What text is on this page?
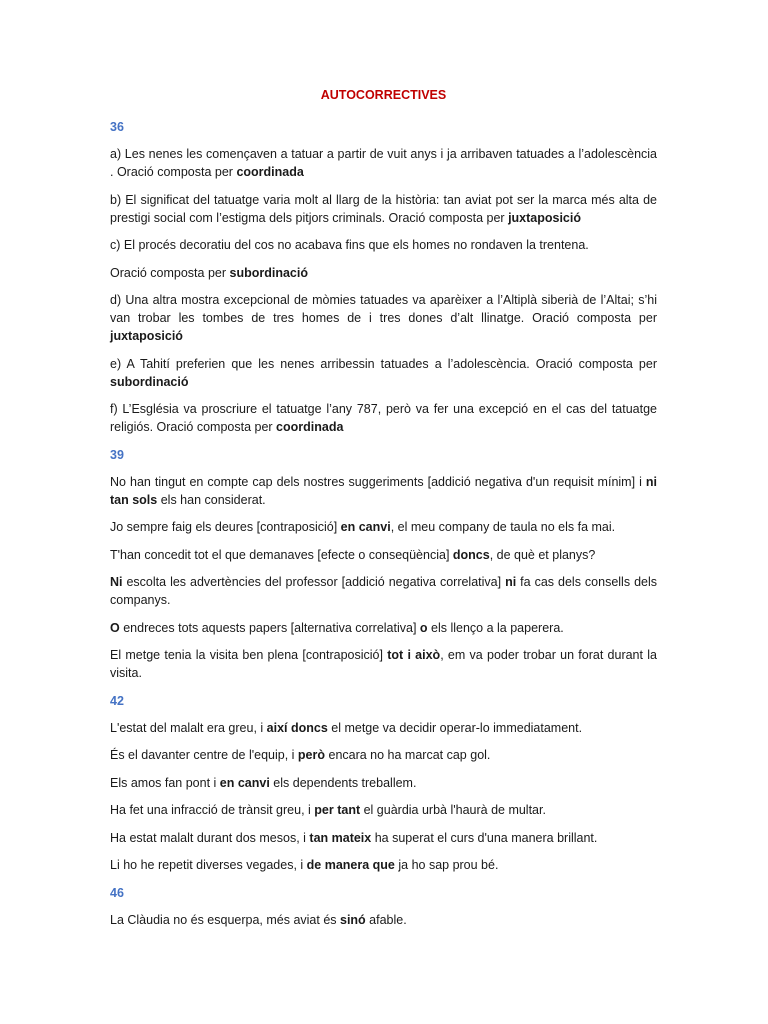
AUTOCORRECTIVES
36

a) Les nenes les començaven a tatuar a partir de vuit anys i ja arribaven tatuades a l’adolescència . Oració composta per coordinada

b) El significat del tatuatge varia molt al llarg de la història: tan aviat pot ser la marca més alta de prestigi social com l’estigma dels pitjors criminals. Oració composta per juxtaposició

c) El procés decoratiu del cos no acabava fins que els homes no rondaven la trentena.

Oració composta per subordinació

d) Una altra mostra excepcional de mòmies tatuades va aparèixer a l’Altiplà siberià de l’Altai; s’hi van trobar les tombes de tres homes de i tres dones d’alt llinatge. Oració composta per juxtaposició

e) A Tahití preferien que les nenes arribessin tatuades a l’adolescència. Oració composta per subordinació

f) L’Església va proscriure el tatuatge l’any 787, però va fer una excepció en el cas del tatuatge religiós. Oració composta per coordinada

39

No han tingut en compte cap dels nostres suggeriments [addició negativa d'un requisit mínim] i ni tan sols els han considerat.

Jo sempre faig els deures [contraposició] en canvi, el meu company de taula no els fa mai.

T'han concedit tot el que demanaves [efecte o conseqüència] doncs, de què et planys?

Ni escolta les advertències del professor [addició negativa correlativa] ni fa cas dels consells dels companys.

O endreces tots aquests papers [alternativa correlativa] o els llenço a la paperera.

El metge tenia la visita ben plena [contraposició] tot i això, em va poder trobar un forat durant la visita.

42

L'estat del malalt era greu, i així doncs el metge va decidir operar-lo immediatament.

És el davanter centre de l'equip, i però encara no ha marcat cap gol.

Els amos fan pont i en canvi els dependents treballem.

Ha fet una infracció de trànsit greu, i per tant el guàrdia urbà l'haurà de multar.

Ha estat malalt durant dos mesos, i tan mateix ha superat el curs d'una manera brillant.

Li ho he repetit diverses vegades, i de manera que ja ho sap prou bé.

46

La Clàudia no és esquerpa, més aviat és sinó afable.
